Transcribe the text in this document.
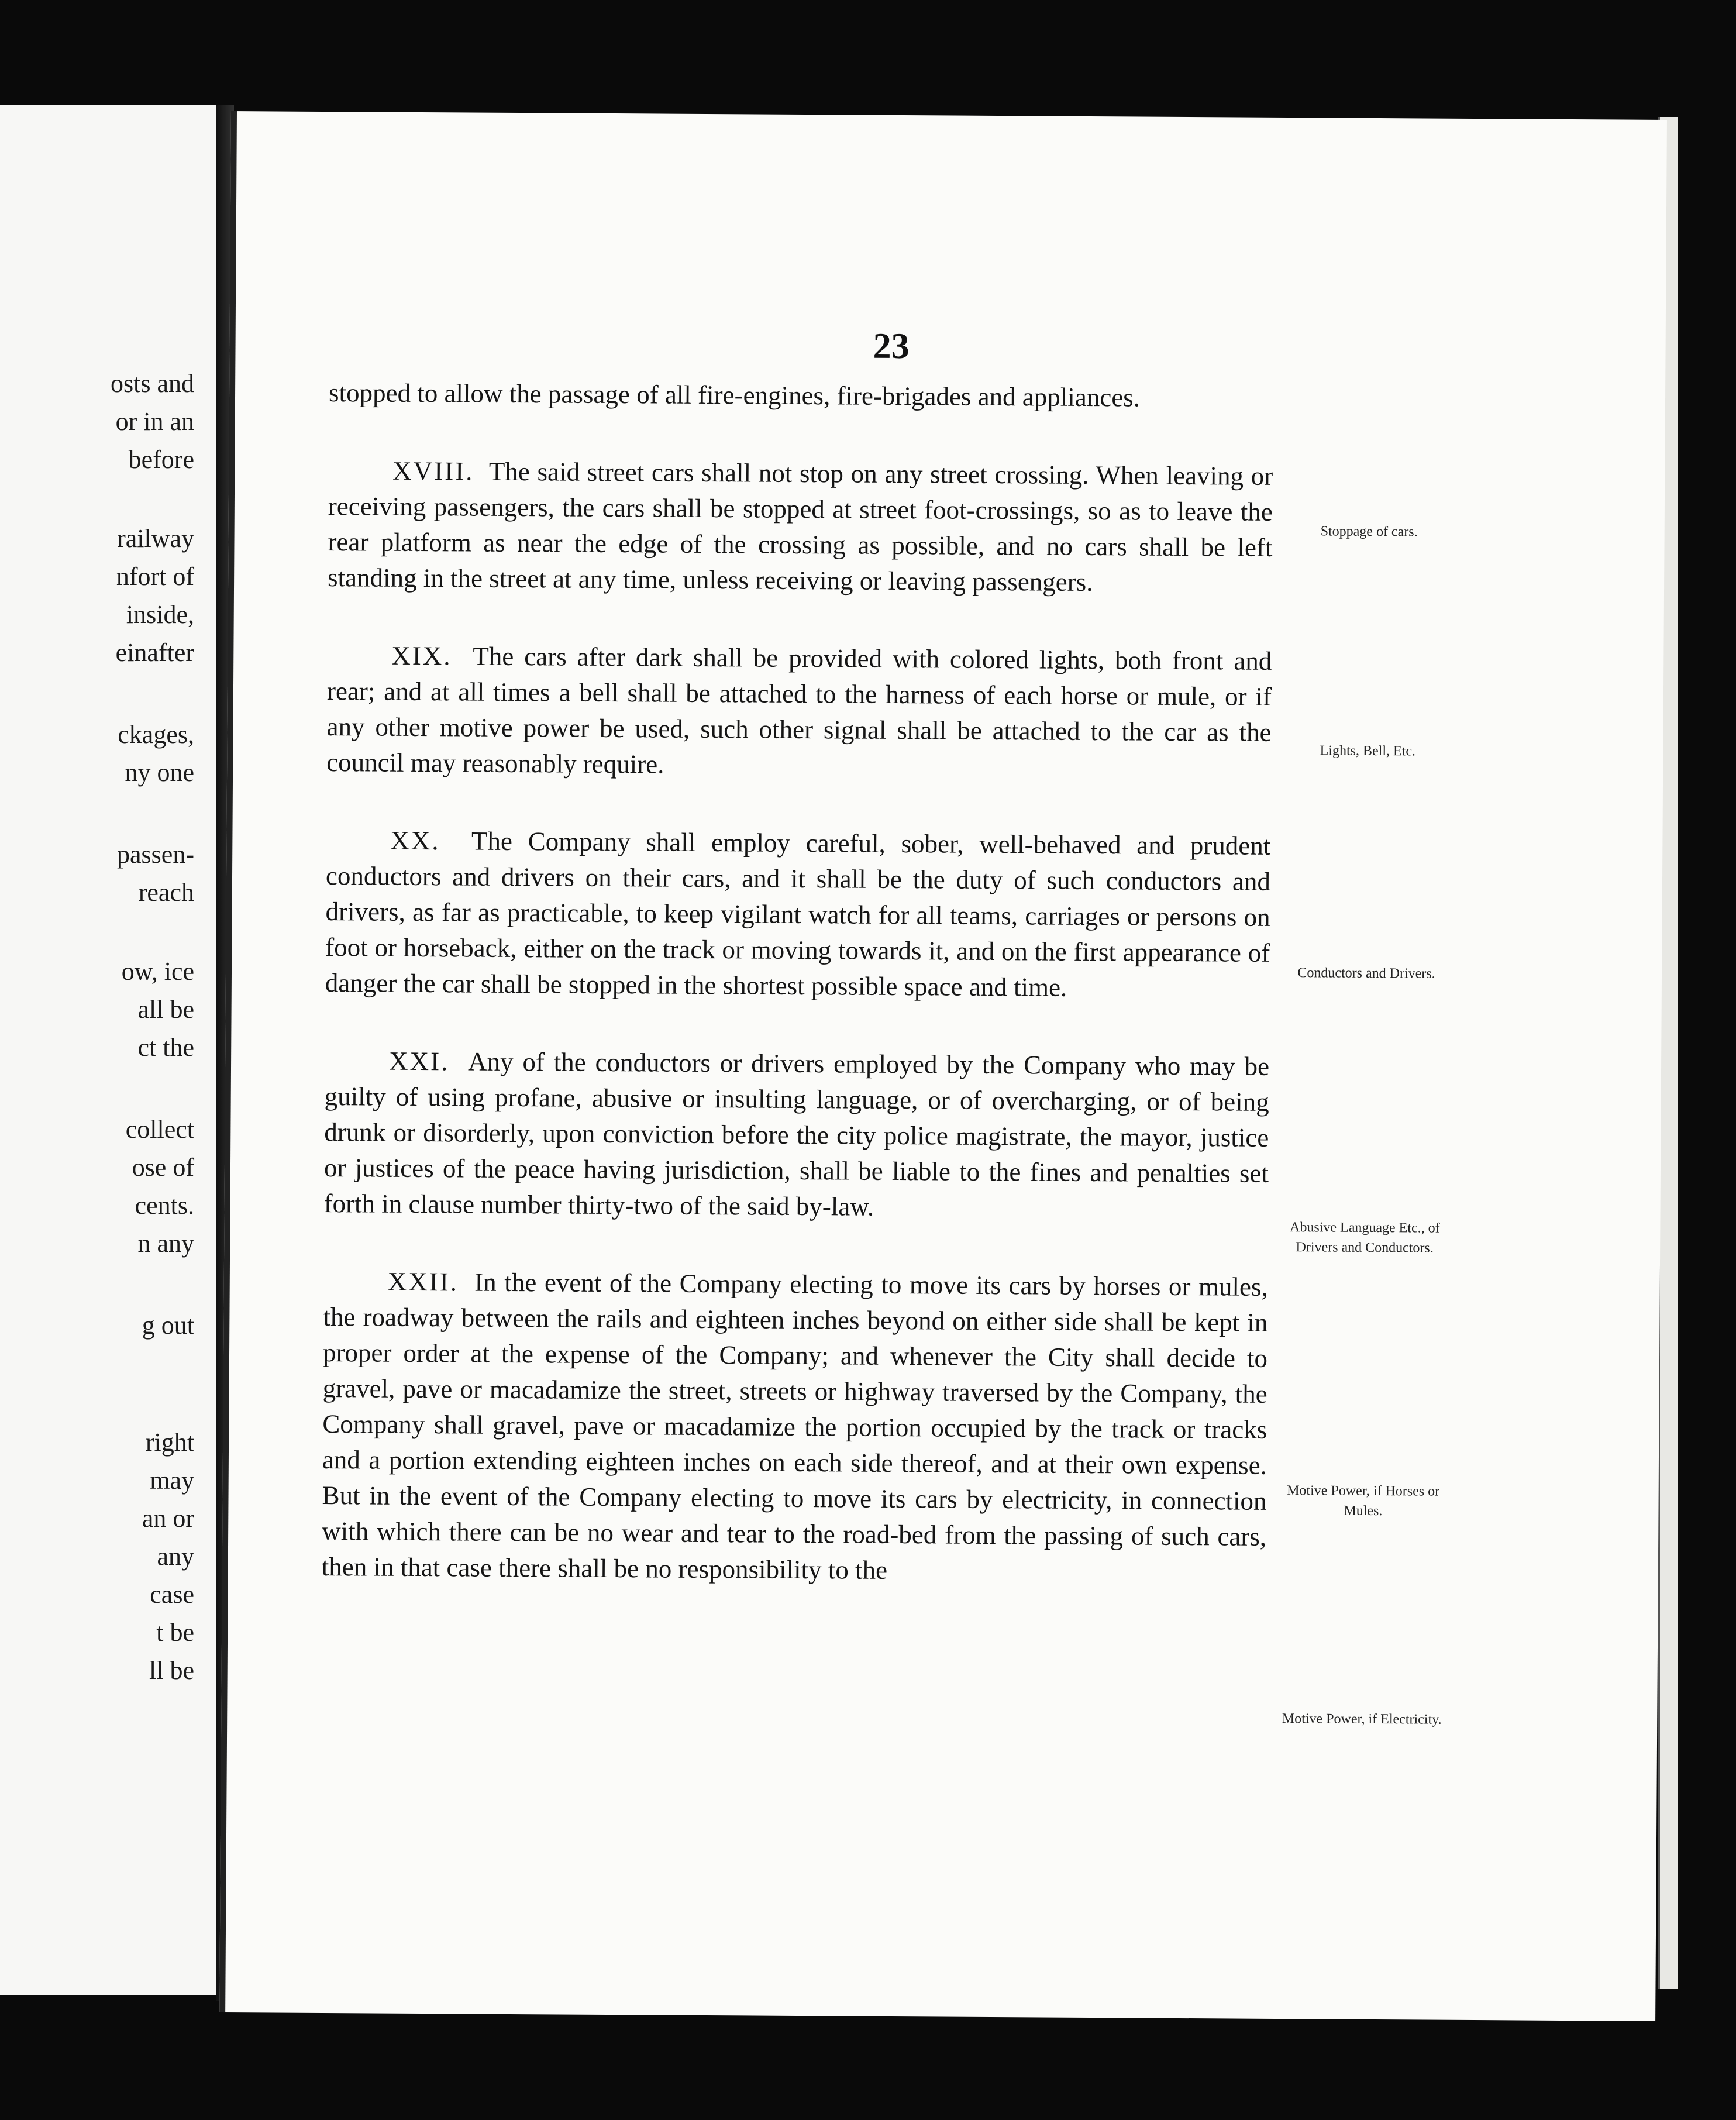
osts and
or in an
before
railway
nfort of
inside,
einafter
ckages,
ny one
passen-
reach
ow, ice
all be
ct the
collect
ose of
cents.
n any
g out
right
may
an or
any
case
t be
ll be
23

stopped to allow the passage of all fire-engines, fire-brigades and appliances.

XVIII. The said street cars shall not stop on any street crossing. When leaving or receiving passengers, the cars shall be stopped at street foot-crossings, so as to leave the rear platform as near the edge of the crossing as possible, and no cars shall be left standing in the street at any time, unless receiving or leaving passengers.

XIX. The cars after dark shall be provided with colored lights, both front and rear; and at all times a bell shall be attached to the harness of each horse or mule, or if any other motive power be used, such other signal shall be attached to the car as the council may reasonably require.

XX. The Company shall employ careful, sober, well-behaved and prudent conductors and drivers on their cars, and it shall be the duty of such conductors and drivers, as far as practicable, to keep vigilant watch for all teams, carriages or persons on foot or horseback, either on the track or moving towards it, and on the first appearance of danger the car shall be stopped in the shortest possible space and time.

XXI. Any of the conductors or drivers employed by the Company who may be guilty of using profane, abusive or insulting language, or of overcharging, or of being drunk or disorderly, upon conviction before the city police magistrate, the mayor, justice or justices of the peace having jurisdiction, shall be liable to the fines and penalties set forth in clause number thirty-two of the said by-law.

XXII. In the event of the Company electing to move its cars by horses or mules, the roadway between the rails and eighteen inches beyond on either side shall be kept in proper order at the expense of the Company; and whenever the City shall decide to gravel, pave or macadamize the street, streets or highway traversed by the Company, the Company shall gravel, pave or macadamize the portion occupied by the track or tracks and a portion extending eighteen inches on each side thereof, and at their own expense. But in the event of the Company electing to move its cars by electricity, in connection with which there can be no wear and tear to the road-bed from the passing of such cars, then in that case there shall be no responsibility to the

Stoppage of cars.
Lights, Bell, Etc.
Conductors and Drivers.
Abusive Language Etc., of Drivers and Conductors.
Motive Power, if Horses or Mules.
Motive Power, if Electricity.
